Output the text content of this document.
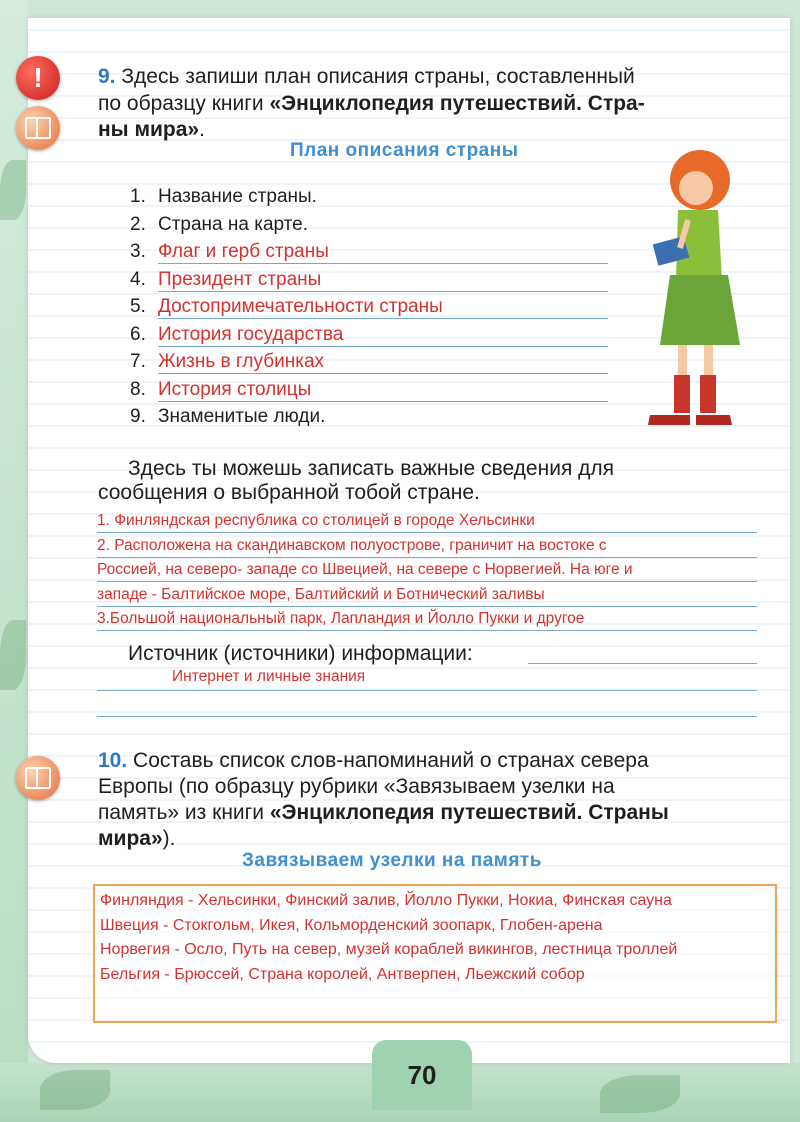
!	9. Здесь запиши план описания страны, составленный
по образцу книги «Энциклопедия путешествий. Стра-
ны мира».
План описания страны
1. Название страны.
2. Страна на карте.
3. Флаг и герб страны
4. Президент страны
5. Достопримечательности страны
6. История государства
7. Жизнь в глубинках
8. История столицы
9. Знаменитые люди.
Здесь ты можешь записать важные сведения для
сообщения о выбранной тобой стране.
1. Финляндская республика со столицей в городе Хельсинки
2. Расположена на скандинавском полуострове, граничит на востоке с
Россией, на северо- западе со Швецией, на севере с Норвегией. На юге и
западе - Балтийское море, Балтийский и Ботнический заливы
3.Большой национальный парк, Лапландия и Йолло Пукки и другое
Источник (источники) информации:
Интернет и личные знания
10. Составь список слов-напоминаний о странах севера
Европы (по образцу рубрики «Завязываем узелки на
память» из книги «Энциклопедия путешествий. Страны
мира»).
Завязываем узелки на память
Финляндия - Хельсинки, Финский залив, Йолло Пукки, Нокиа, Финская сауна
Швеция - Стокгольм, Икея, Кольморденский зоопарк, Глобен-арена
Норвегия - Осло, Путь на север, музей кораблей викингов, лестница троллей
Бельгия - Брюссей, Страна королей, Антверпен, Льежский собор
70
